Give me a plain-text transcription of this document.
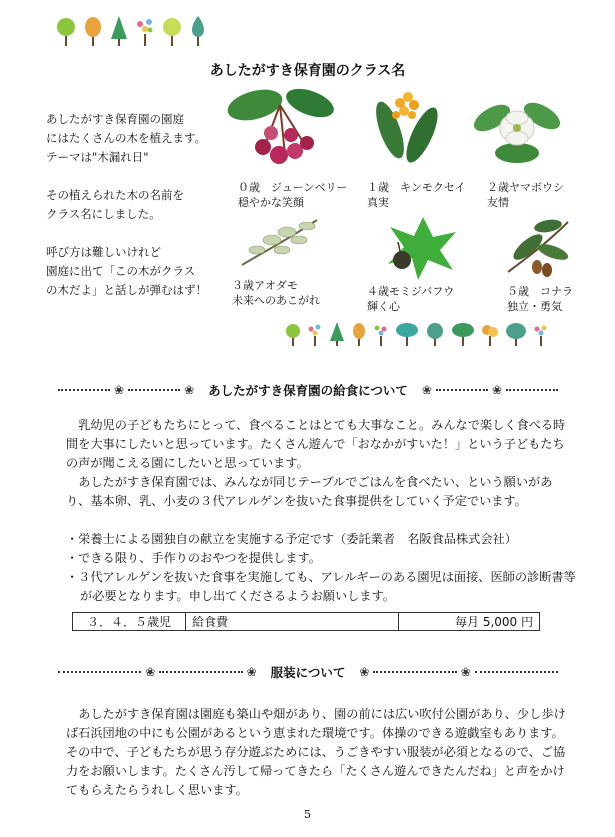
あしたがすき保育園のクラス名

あしたがすき保育園の園庭
にはたくさんの木を植えます。
テーマは"木漏れ日"

その植えられた木の名前を
クラス名にしました。

呼び方は難しいけれど
園庭に出て「この木がクラス
の木だよ」と話しが弾むはず！

０歳　ジューンベリー
穏やかな笑顔
１歳　キンモクセイ
真実
２歳ヤマボウシ
友情
３歳アオダモ
未来へのあこがれ
４歳モミジバフウ
輝く心
５歳　コナラ
独立・勇気
❀	❀ あしたがすき保育園の給食について ❀	❀
乳幼児の子どもたちにとって、食べることはとても大事なこと。みんなで楽しく食べる時間を大事にしたいと思っています。たくさん遊んで「おなかがすいた！」という子どもたちの声が聞こえる園にしたいと思っています。
あしたがすき保育園では、みんなが同じテーブルでごはんを食べたい、という願いがあり、基本卵、乳、小麦の３代アレルゲンを抜いた食事提供をしていく予定でいます。
・栄養士による園独自の献立を実施する予定です（委託業者　名阪食品株式会社）
・できる限り、手作りのおやつを提供します。
・３代アレルゲンを抜いた食事を実施しても、アレルギーのある園児は面接、医師の診断書等が必要となります。申し出てくださるようお願いします。
３．４．５歳児	給食費	毎月 5,000 円
❀	❀ 服装について ❀	❀
あしたがすき保育園は園庭も築山や畑があり、園の前には広い吹付公園があり、少し歩けば石浜団地の中にも公園があるという恵まれた環境です。体操のできる遊戯室もあります。その中で、子どもたちが思う存分遊ぶためには、うごきやすい服装が必須となるので、ご協力をお願いします。たくさん汚して帰ってきたら「たくさん遊んできたんだね」と声をかけてもらえたらうれしく思います。
5
